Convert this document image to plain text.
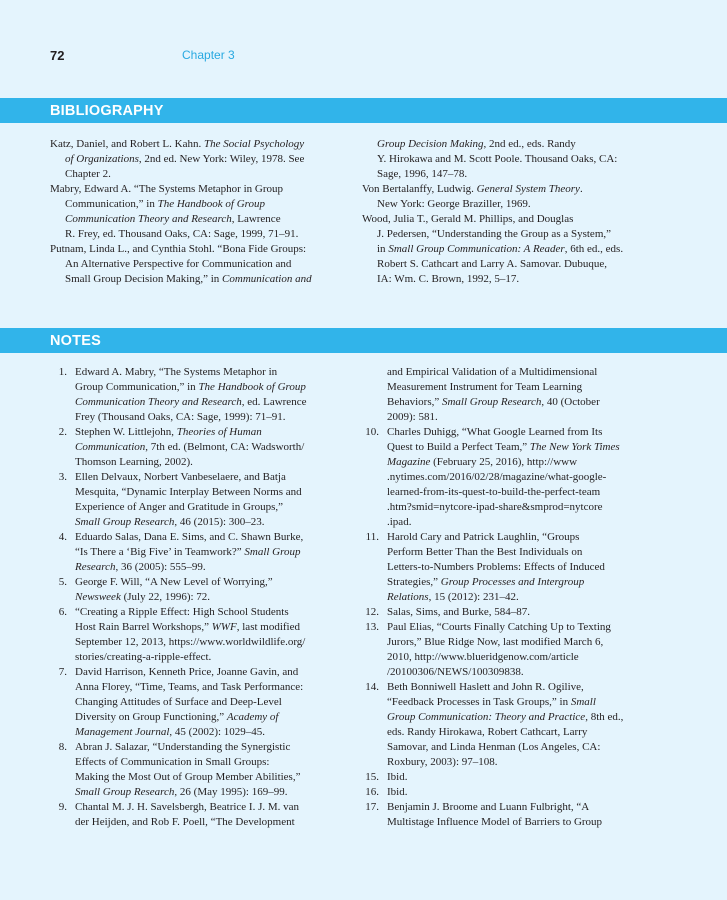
72	Chapter 3
BIBLIOGRAPHY
Katz, Daniel, and Robert L. Kahn. The Social Psychology
of Organizations, 2nd ed. New York: Wiley, 1978. See
Chapter 2.
Mabry, Edward A. “The Systems Metaphor in Group
Communication,” in The Handbook of Group
Communication Theory and Research, Lawrence
R. Frey, ed. Thousand Oaks, CA: Sage, 1999, 71–91.
Putnam, Linda L., and Cynthia Stohl. “Bona Fide Groups:
An Alternative Perspective for Communication and
Small Group Decision Making,” in Communication and
Group Decision Making, 2nd ed., eds. Randy
Y. Hirokawa and M. Scott Poole. Thousand Oaks, CA:
Sage, 1996, 147–78.
Von Bertalanffy, Ludwig. General System Theory.
New York: George Braziller, 1969.
Wood, Julia T., Gerald M. Phillips, and Douglas
J. Pedersen, “Understanding the Group as a System,”
in Small Group Communication: A Reader, 6th ed., eds.
Robert S. Cathcart and Larry A. Samovar. Dubuque,
IA: Wm. C. Brown, 1992, 5–17.
NOTES
1. Edward A. Mabry, “The Systems Metaphor in
Group Communication,” in The Handbook of Group
Communication Theory and Research, ed. Lawrence
Frey (Thousand Oaks, CA: Sage, 1999): 71–91.
2. Stephen W. Littlejohn, Theories of Human
Communication, 7th ed. (Belmont, CA: Wadsworth/
Thomson Learning, 2002).
3. Ellen Delvaux, Norbert Vanbeselaere, and Batja
Mesquita, “Dynamic Interplay Between Norms and
Experience of Anger and Gratitude in Groups,”
Small Group Research, 46 (2015): 300–23.
4. Eduardo Salas, Dana E. Sims, and C. Shawn Burke,
“Is There a ‘Big Five’ in Teamwork?” Small Group
Research, 36 (2005): 555–99.
5. George F. Will, “A New Level of Worrying,”
Newsweek (July 22, 1996): 72.
6. “Creating a Ripple Effect: High School Students
Host Rain Barrel Workshops,” WWF, last modified
September 12, 2013, https://www.worldwildlife.org/
stories/creating-a-ripple-effect.
7. David Harrison, Kenneth Price, Joanne Gavin, and
Anna Florey, “Time, Teams, and Task Performance:
Changing Attitudes of Surface and Deep-Level
Diversity on Group Functioning,” Academy of
Management Journal, 45 (2002): 1029–45.
8. Abran J. Salazar, “Understanding the Synergistic
Effects of Communication in Small Groups:
Making the Most Out of Group Member Abilities,”
Small Group Research, 26 (May 1995): 169–99.
9. Chantal M. J. H. Savelsbergh, Beatrice I. J. M. van
der Heijden, and Rob F. Poell, “The Development
and Empirical Validation of a Multidimensional
Measurement Instrument for Team Learning
Behaviors,” Small Group Research, 40 (October
2009): 581.
10. Charles Duhigg, “What Google Learned from Its
Quest to Build a Perfect Team,” The New York Times
Magazine (February 25, 2016), http://www
.nytimes.com/2016/02/28/magazine/what-google-
learned-from-its-quest-to-build-the-perfect-team
.htm?smid=nytcore-ipad-share&smprod=nytcore
.ipad.
11. Harold Cary and Patrick Laughlin, “Groups
Perform Better Than the Best Individuals on
Letters-to-Numbers Problems: Effects of Induced
Strategies,” Group Processes and Intergroup
Relations, 15 (2012): 231–42.
12. Salas, Sims, and Burke, 584–87.
13. Paul Elias, “Courts Finally Catching Up to Texting
Jurors,” Blue Ridge Now, last modified March 6,
2010, http://www.blueridgenow.com/article
/20100306/NEWS/100309838.
14. Beth Bonniwell Haslett and John R. Ogilive,
“Feedback Processes in Task Groups,” in Small
Group Communication: Theory and Practice, 8th ed.,
eds. Randy Hirokawa, Robert Cathcart, Larry
Samovar, and Linda Henman (Los Angeles, CA:
Roxbury, 2003): 97–108.
15. Ibid.
16. Ibid.
17. Benjamin J. Broome and Luann Fulbright, “A
Multistage Influence Model of Barriers to Group
